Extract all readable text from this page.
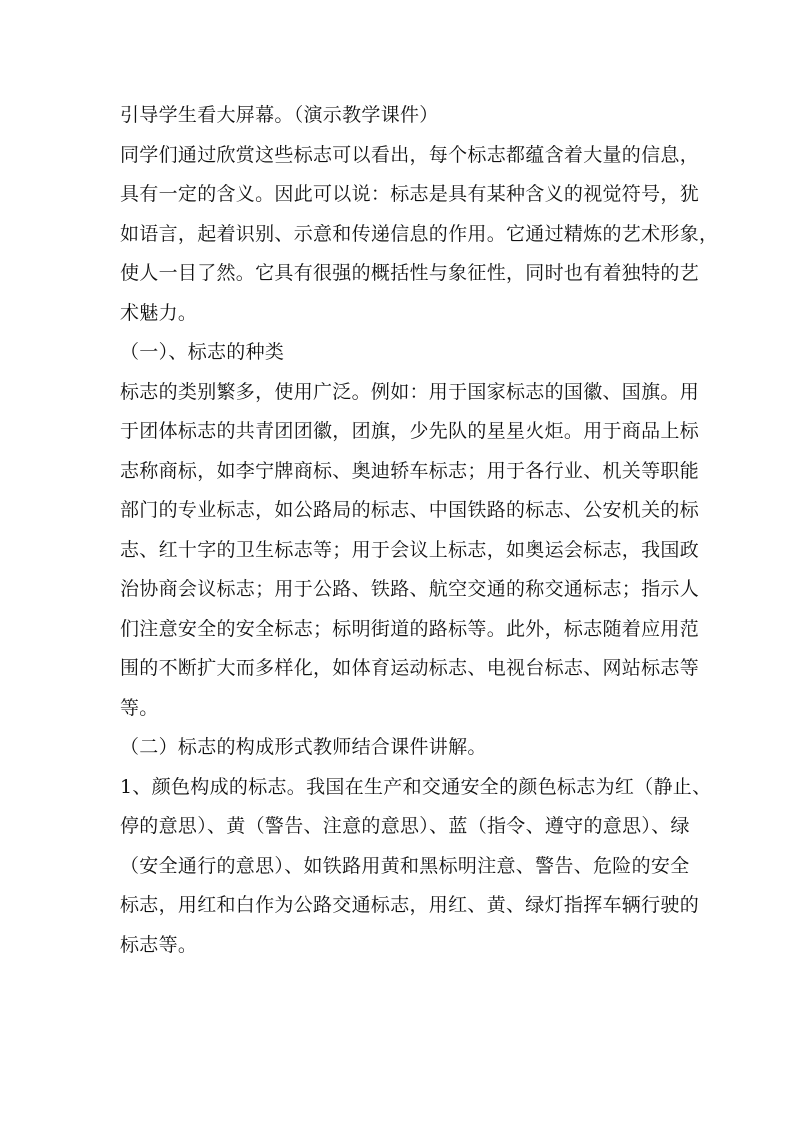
引导学生看大屏幕。（演示教学课件）
同学们通过欣赏这些标志可以看出，每个标志都蕴含着大量的信息，
具有一定的含义。因此可以说：标志是具有某种含义的视觉符号，犹
如语言，起着识别、示意和传递信息的作用。它通过精炼的艺术形象，
使人一目了然。它具有很强的概括性与象征性，同时也有着独特的艺
术魅力。
（一）、标志的种类
标志的类别繁多，使用广泛。例如：用于国家标志的国徽、国旗。用
于团体标志的共青团团徽，团旗，少先队的星星火炬。用于商品上标
志称商标，如李宁牌商标、奥迪轿车标志；用于各行业、机关等职能
部门的专业标志，如公路局的标志、中国铁路的标志、公安机关的标
志、红十字的卫生标志等；用于会议上标志，如奥运会标志，我国政
治协商会议标志；用于公路、铁路、航空交通的称交通标志；指示人
们注意安全的安全标志；标明街道的路标等。此外，标志随着应用范
围的不断扩大而多样化，如体育运动标志、电视台标志、网站标志等
等。
（二）标志的构成形式教师结合课件讲解。
1、颜色构成的标志。我国在生产和交通安全的颜色标志为红（静止、
停的意思）、黄（警告、注意的意思）、蓝（指令、遵守的意思）、绿
（安全通行的意思）、如铁路用黄和黑标明注意、警告、危险的安全
标志，用红和白作为公路交通标志，用红、黄、绿灯指挥车辆行驶的
标志等。
